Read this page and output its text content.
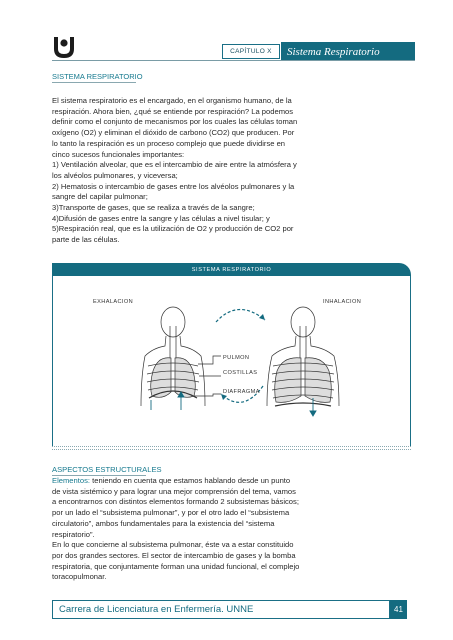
CAPÍTULO X	Sistema Respiratorio
SISTEMA RESPIRATORIO

El sistema respiratorio es el encargado, en el organismo humano, de la respiración. Ahora bien, ¿qué se entiende por respiración? La podemos definir como el conjunto de mecanismos por los cuales las células toman oxígeno (O2) y eliminan el dióxido de carbono (CO2) que producen. Por lo tanto la respiración es un proceso complejo que puede dividirse en cinco sucesos funcionales importantes:

1) Ventilación alveolar, que es el intercambio de aire entre la atmósfera y los alvéolos pulmonares, y viceversa;

2) Hematosis o intercambio de gases entre los alvéolos pulmonares y la sangre del capilar pulmonar;

3)Transporte de gases, que se realiza a través de la sangre;

4)Difusión de gases entre la sangre y las células a nivel tisular; y

5)Respiración real, que es la utilización de O2 y producción de CO2 por parte de las células.

SISTEMA RESPIRATORIO
EXHALACION	INHALACION
PULMON
COSTILLAS
DIAFRAGMA
ASPECTOS ESTRUCTURALES

Elementos: teniendo en cuenta que estamos hablando desde un punto de vista sistémico y para lograr una mejor comprensión del tema, vamos a encontrarnos con distintos elementos formando 2 subsistemas básicos; por un lado el “subsistema pulmonar”, y por el otro lado el “subsistema circulatorio”, ambos fundamentales para la existencia del “sistema respiratorio”.

En lo que concierne al subsistema pulmonar, éste va a estar constituido por dos grandes sectores. El sector de intercambio de gases y la bomba respiratoria, que conjuntamente forman una unidad funcional, el complejo toracopulmonar.

Carrera de Licenciatura en Enfermería. UNNE	41
